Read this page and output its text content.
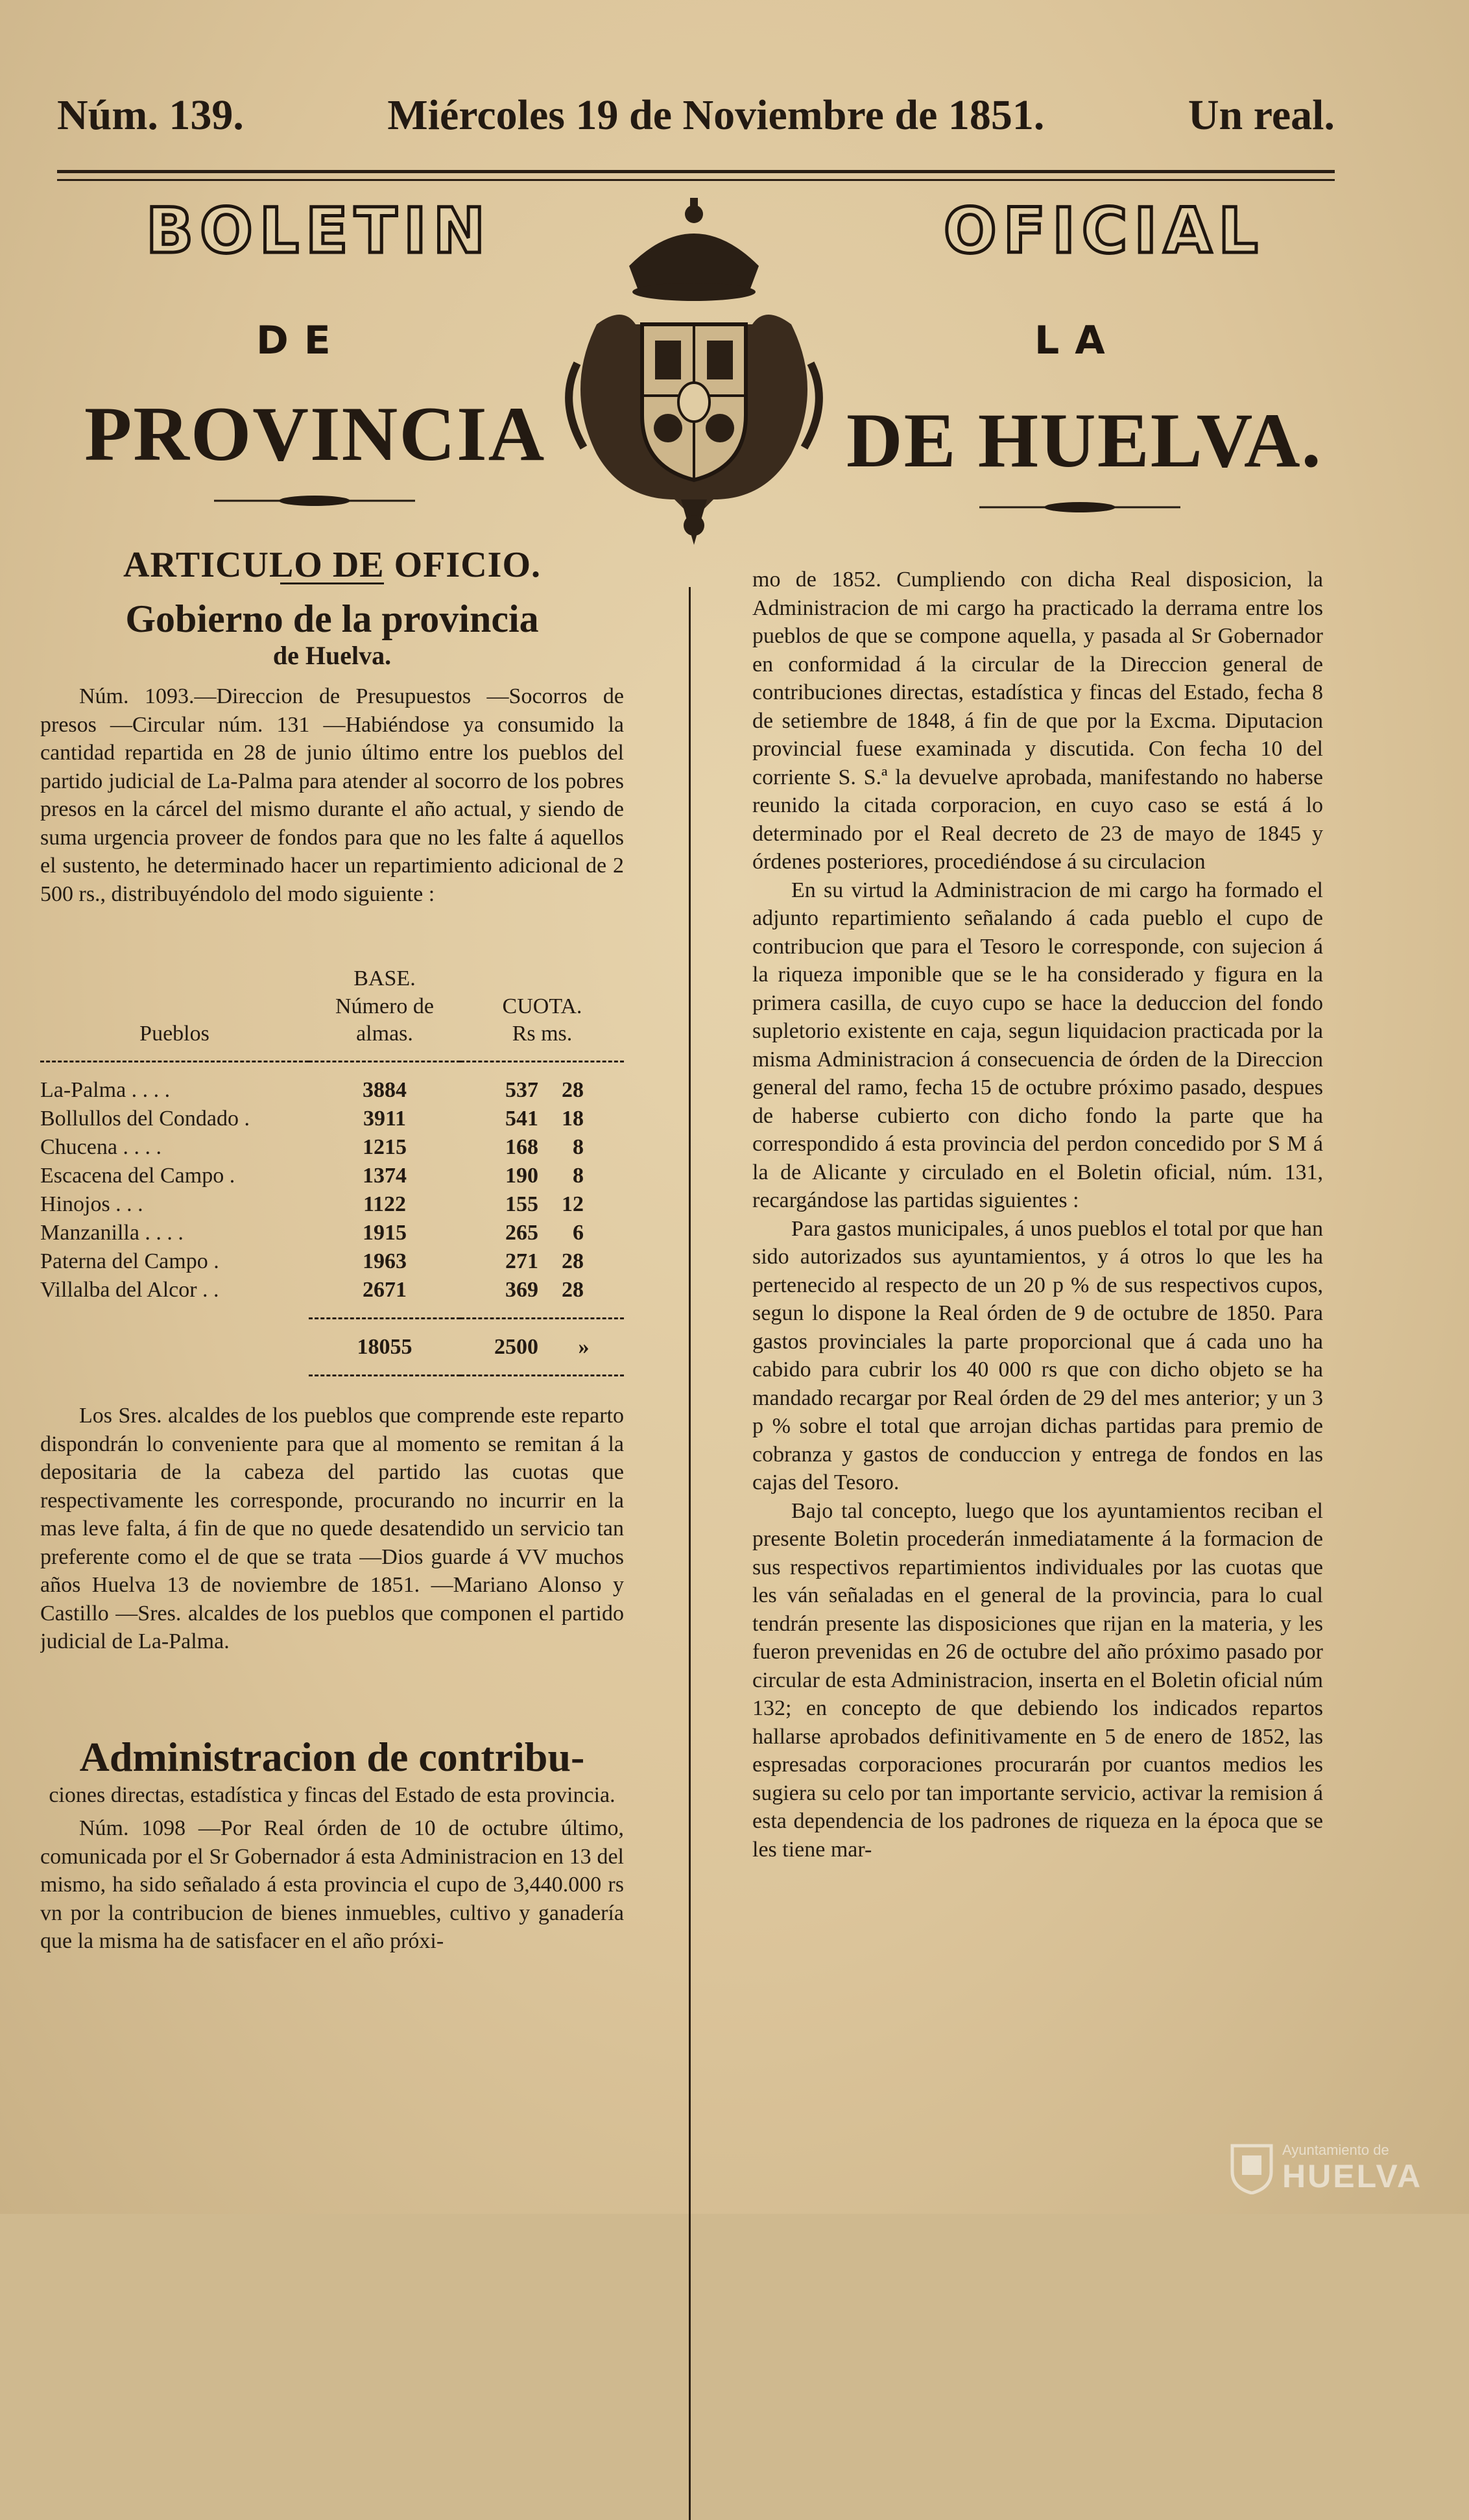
Núm. 139.	Miércoles 19 de Noviembre de 1851.	Un real.
BOLETIN	OFICIAL
DE	LA
PROVINCIA	DE HUELVA.
ARTICULO DE OFICIO.
Gobierno de la provincia
de Huelva.

Núm. 1093.—Direccion de Presupuestos —Socorros de presos —Circular núm. 131 —Habiéndose ya consumido la cantidad repartida en 28 de junio último entre los pueblos del partido judicial de La-Palma para atender al socorro de los pobres presos en la cárcel del mismo durante el año actual, y siendo de suma urgencia proveer de fondos para que no les falte á aquellos el sustento, he determinado hacer un repartimiento adicional de 2 500 rs., distribuyéndolo del modo siguiente :

	BASE.	
Pueblos	Número de almas.	CUOTA.
Rs ms.

La-Palma . . . .	3884	537 28
Bollullos del Condado .	3911	541 18
Chucena . . . .	1215	168 8
Escacena del Campo .	1374	190 8
Hinojos . . .	1122	155 12
Manzanilla . . . .	1915	265 6
Paterna del Campo .	1963	271 28
Villalba del Alcor . .	2671	369 28

	18055	2500 »

Los Sres. alcaldes de los pueblos que comprende este reparto dispondrán lo conveniente para que al momento se remitan á la depositaria de la cabeza del partido las cuotas que respectivamente les corresponde, procurando no incurrir en la mas leve falta, á fin de que no quede desatendido un servicio tan preferente como el de que se trata —Dios guarde á VV muchos años Huelva 13 de noviembre de 1851. —Mariano Alonso y Castillo —Sres. alcaldes de los pueblos que componen el partido judicial de La-Palma.

Administracion de contribu-
ciones directas, estadística y fincas del Estado de esta provincia.

Núm. 1098 —Por Real órden de 10 de octubre último, comunicada por el Sr Gobernador á esta Administracion en 13 del mismo, ha sido señalado á esta provincia el cupo de 3,440.000 rs vn por la contribucion de bienes inmuebles, cultivo y ganadería que la misma ha de satisfacer en el año próxi-

mo de 1852. Cumpliendo con dicha Real disposicion, la Administracion de mi cargo ha practicado la derrama entre los pueblos de que se compone aquella, y pasada al Sr Gobernador en conformidad á la circular de la Direccion general de contribuciones directas, estadística y fincas del Estado, fecha 8 de setiembre de 1848, á fin de que por la Excma. Diputacion provincial fuese examinada y discutida. Con fecha 10 del corriente S. S.ª la devuelve aprobada, manifestando no haberse reunido la citada corporacion, en cuyo caso se está á lo determinado por el Real decreto de 23 de mayo de 1845 y órdenes posteriores, procediéndose á su circulacion

En su virtud la Administracion de mi cargo ha formado el adjunto repartimiento señalando á cada pueblo el cupo de contribucion que para el Tesoro le corresponde, con sujecion á la riqueza imponible que se le ha considerado y figura en la primera casilla, de cuyo cupo se hace la deduccion del fondo supletorio existente en caja, segun liquidacion practicada por la misma Administracion á consecuencia de órden de la Direccion general del ramo, fecha 15 de octubre próximo pasado, despues de haberse cubierto con dicho fondo la parte que ha correspondido á esta provincia del perdon concedido por S M á la de Alicante y circulado en el Boletin oficial, núm. 131, recargándose las partidas siguientes :

Para gastos municipales, á unos pueblos el total por que han sido autorizados sus ayuntamientos, y á otros lo que les ha pertenecido al respecto de un 20 p % de sus respectivos cupos, segun lo dispone la Real órden de 9 de octubre de 1850. Para gastos provinciales la parte proporcional que á cada uno ha cabido para cubrir los 40 000 rs que con dicho objeto se ha mandado recargar por Real órden de 29 del mes anterior; y un 3 p % sobre el total que arrojan dichas partidas para premio de cobranza y gastos de conduccion y entrega de fondos en las cajas del Tesoro.

Bajo tal concepto, luego que los ayuntamientos reciban el presente Boletin procederán inmediatamente á la formacion de sus respectivos repartimientos individuales por las cuotas que les ván señaladas en el general de la provincia, para lo cual tendrán presente las disposiciones que rijan en la materia, y les fueron prevenidas en 26 de octubre del año próximo pasado por circular de esta Administracion, inserta en el Boletin oficial núm 132; en concepto de que debiendo los indicados repartos hallarse aprobados definitivamente en 5 de enero de 1852, las espresadas corporaciones procurarán por cuantos medios les sugiera su celo por tan importante servicio, activar la remision á esta dependencia de los padrones de riqueza en la época que se les tiene mar-

Ayuntamiento de
HUELVA
